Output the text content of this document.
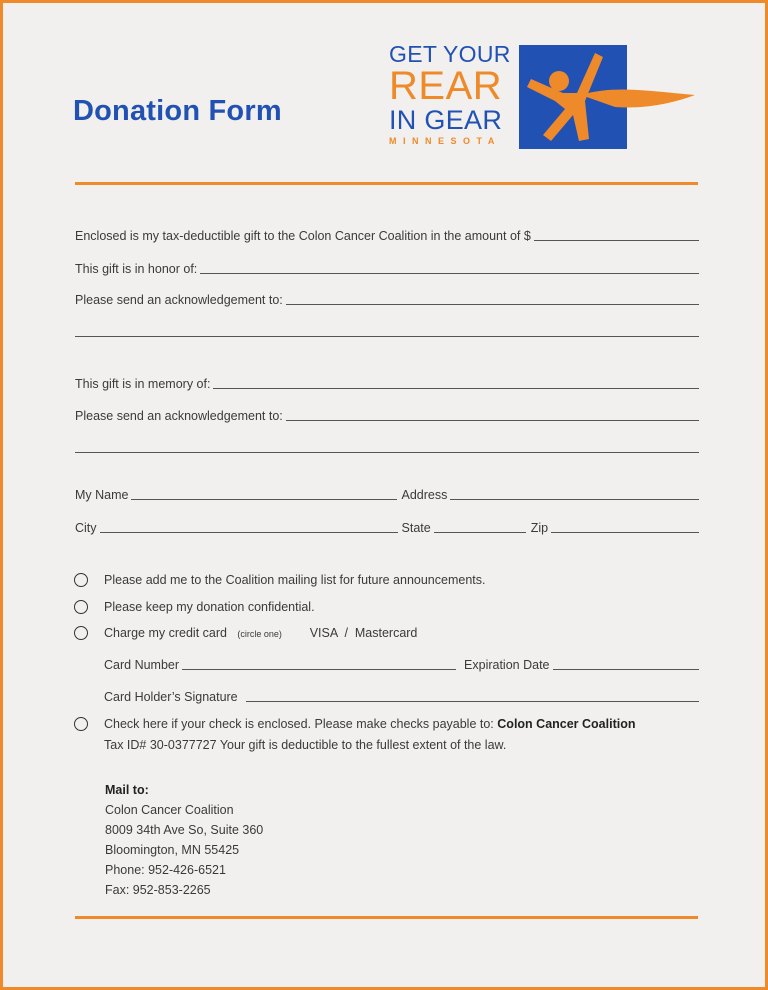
Donation Form
GET YOUR
REAR
IN GEAR
MINNESOTA
Enclosed is my tax-deductible gift to the Colon Cancer Coalition in the amount of $
This gift is in honor of:
Please send an acknowledgement to:
This gift is in memory of:
Please send an acknowledgement to:
My Name	Address
City	State	Zip
Please add me to the Coalition mailing list for future announcements.
Please keep my donation confidential.
Charge my credit card (circle one) VISA  /  Mastercard
Card Number	Expiration Date
Card Holder’s Signature
Check here if your check is enclosed. Please make checks payable to: Colon Cancer Coalition
Tax ID# 30-0377727 Your gift is deductible to the fullest extent of the law.
Mail to:
Colon Cancer Coalition
8009 34th Ave So, Suite 360
Bloomington, MN 55425
Phone: 952-426-6521
Fax: 952-853-2265
